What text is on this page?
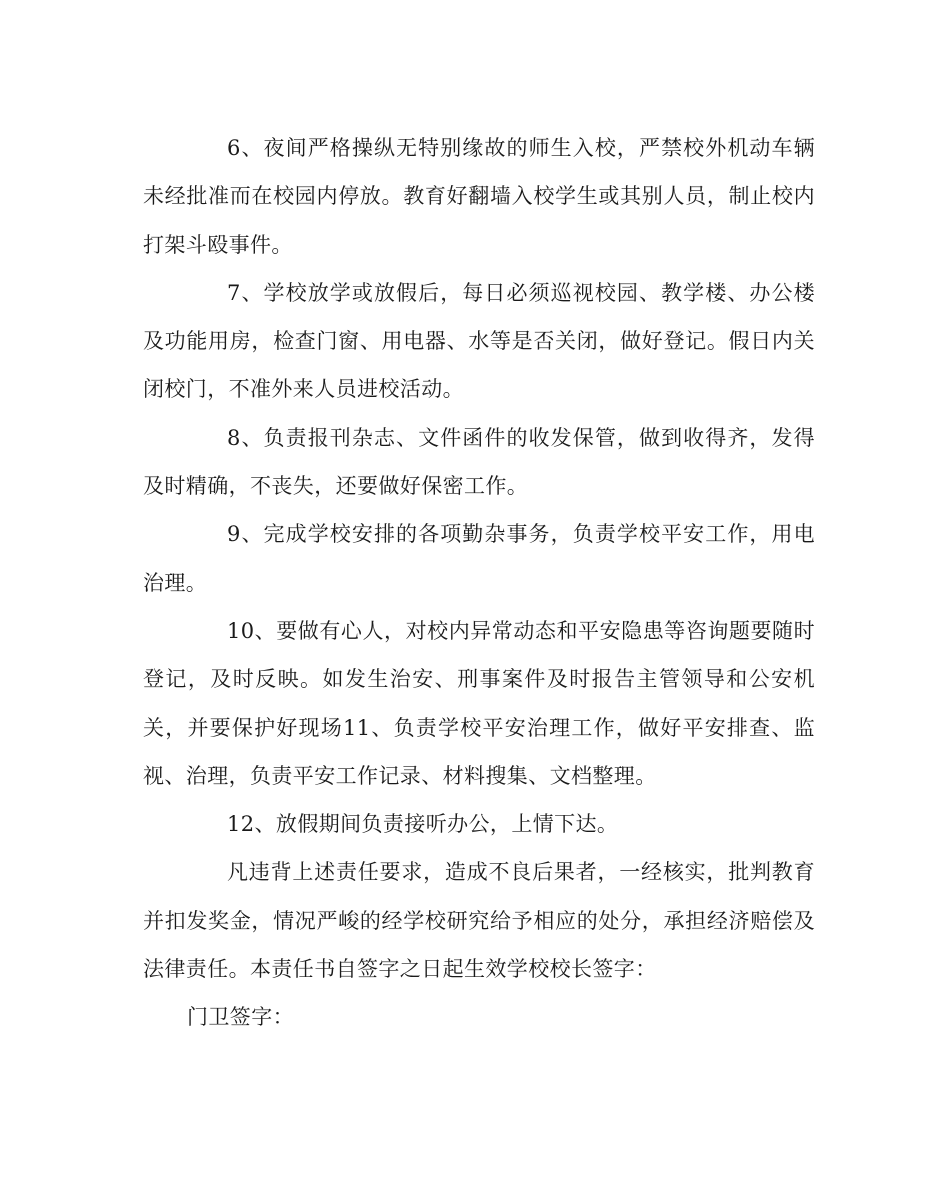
6、夜间严格操纵无特别缘故的师生入校，严禁校外机动车辆未经批准而在校园内停放。教育好翻墙入校学生或其别人员，制止校内打架斗殴事件。

7、学校放学或放假后，每日必须巡视校园、教学楼、办公楼及功能用房，检查门窗、用电器、水等是否关闭，做好登记。假日内关闭校门，不准外来人员进校活动。

8、负责报刊杂志、文件函件的收发保管，做到收得齐，发得及时精确，不丧失，还要做好保密工作。

9、完成学校安排的各项勤杂事务，负责学校平安工作，用电治理。

10、要做有心人，对校内异常动态和平安隐患等咨询题要随时登记，及时反映。如发生治安、刑事案件及时报告主管领导和公安机关，并要保护好现场11、负责学校平安治理工作，做好平安排查、监视、治理，负责平安工作记录、材料搜集、文档整理。

12、放假期间负责接听办公，上情下达。

凡违背上述责任要求，造成不良后果者，一经核实，批判教育并扣发奖金，情况严峻的经学校研究给予相应的处分，承担经济赔偿及法律责任。本责任书自签字之日起生效学校校长签字：

门卫签字：
